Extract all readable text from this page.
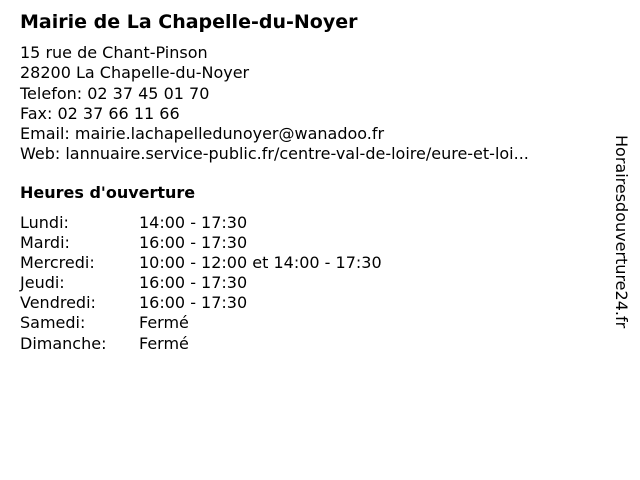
Mairie de La Chapelle-du-Noyer
15 rue de Chant-Pinson
28200 La Chapelle-du-Noyer
Telefon: 02 37 45 01 70
Fax: 02 37 66 11 66
Email: mairie.lachapelledunoyer@wanadoo.fr
Web: lannuaire.service-public.fr/centre-val-de-loire/eure-et-loi...
Heures d'ouverture
Lundi:	14:00 - 17:30
Mardi:	16:00 - 17:30
Mercredi:	10:00 - 12:00 et 14:00 - 17:30
Jeudi:	16:00 - 17:30
Vendredi:	16:00 - 17:30
Samedi:	Fermé
Dimanche: Fermé
Horairesdouverture24.fr
